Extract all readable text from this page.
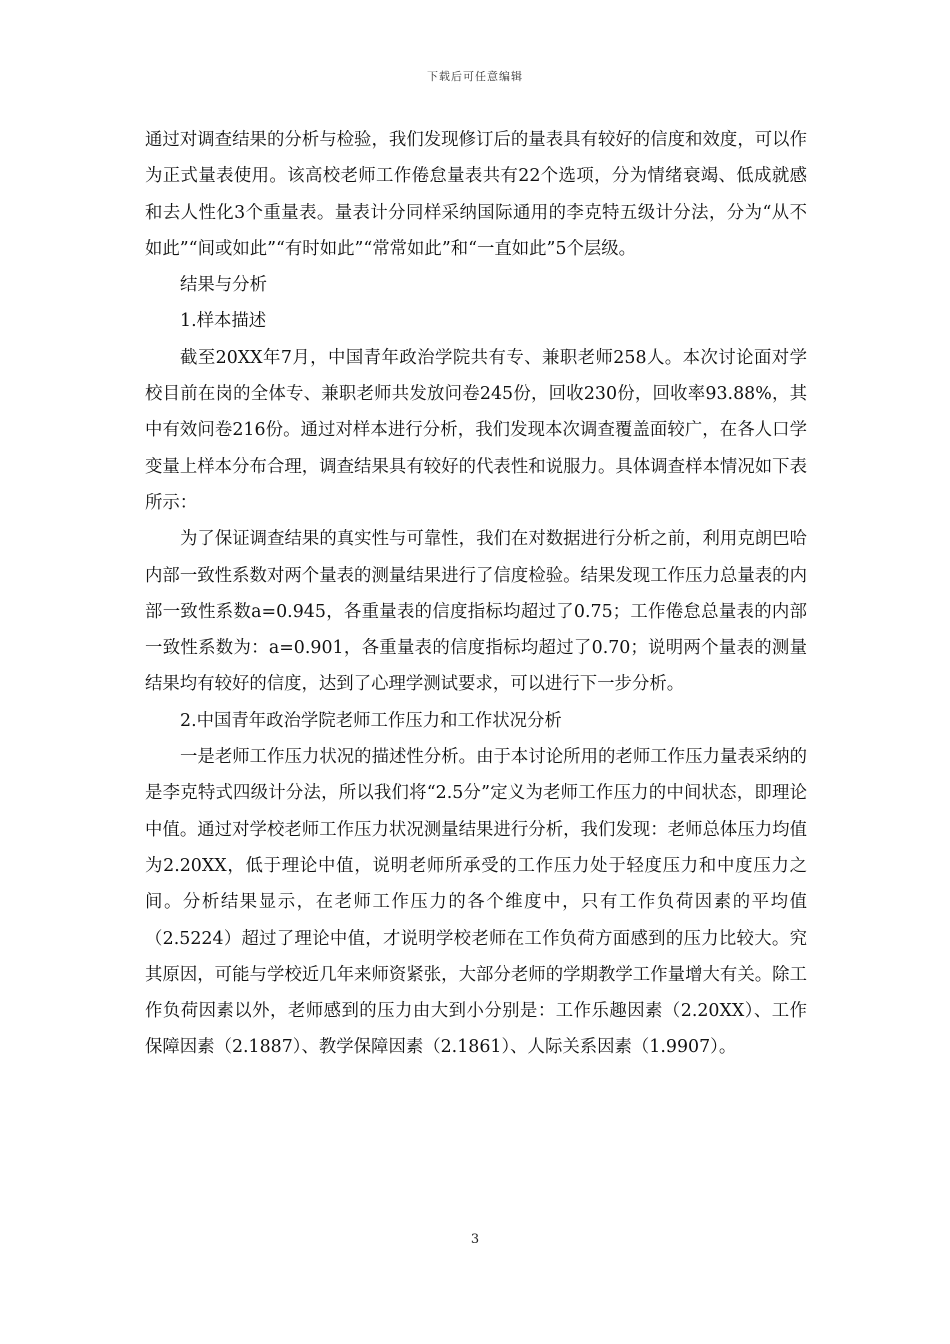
下载后可任意编辑

通过对调查结果的分析与检验，我们发现修订后的量表具有较好的信度和效度，可以作为正式量表使用。该高校老师工作倦怠量表共有22个选项，分为情绪衰竭、低成就感和去人性化3个重量表。量表计分同样采纳国际通用的李克特五级计分法，分为“从不如此”“间或如此”“有时如此”“常常如此”和“一直如此”5个层级。

结果与分析

1.样本描述

截至20XX年7月，中国青年政治学院共有专、兼职老师258人。本次讨论面对学校目前在岗的全体专、兼职老师共发放问卷245份，回收230份，回收率93.88%，其中有效问卷216份。通过对样本进行分析，我们发现本次调查覆盖面较广，在各人口学变量上样本分布合理，调查结果具有较好的代表性和说服力。具体调查样本情况如下表所示：

为了保证调查结果的真实性与可靠性，我们在对数据进行分析之前，利用克朗巴哈内部一致性系数对两个量表的测量结果进行了信度检验。结果发现工作压力总量表的内部一致性系数a=0.945，各重量表的信度指标均超过了0.75；工作倦怠总量表的内部一致性系数为：a=0.901，各重量表的信度指标均超过了0.70；说明两个量表的测量结果均有较好的信度，达到了心理学测试要求，可以进行下一步分析。

2.中国青年政治学院老师工作压力和工作状况分析

一是老师工作压力状况的描述性分析。由于本讨论所用的老师工作压力量表采纳的是李克特式四级计分法，所以我们将“2.5分”定义为老师工作压力的中间状态，即理论中值。通过对学校老师工作压力状况测量结果进行分析，我们发现：老师总体压力均值为2.20XX，低于理论中值，说明老师所承受的工作压力处于轻度压力和中度压力之间。分析结果显示，在老师工作压力的各个维度中，只有工作负荷因素的平均值（2.5224）超过了理论中值，才说明学校老师在工作负荷方面感到的压力比较大。究其原因，可能与学校近几年来师资紧张，大部分老师的学期教学工作量增大有关。除工作负荷因素以外，老师感到的压力由大到小分别是：工作乐趣因素（2.20XX）、工作保障因素（2.1887）、教学保障因素（2.1861）、人际关系因素（1.9907）。

3
